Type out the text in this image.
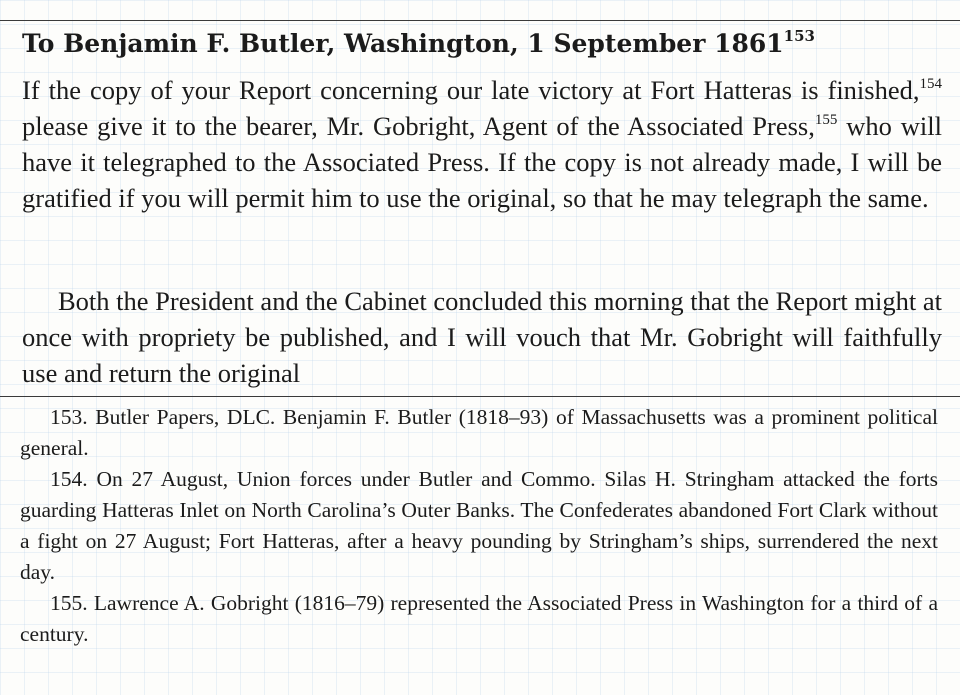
To Benjamin F. Butler, Washington, 1 September 1861$^{153}$

If the copy of your Report concerning our late victory at Fort Hatteras is finished,$^{154}$ please give it to the bearer, Mr. Gobright, Agent of the Associated Press,$^{155}$ who will have it telegraphed to the Associated Press. If the copy is not already made, I will be gratified if you will permit him to use the original, so that he may telegraph the same.

Both the President and the Cabinet concluded this morning that the Report might at once with propriety be published, and I will vouch that Mr. Gobright will faithfully use and return the original

153. Butler Papers, DLC. Benjamin F. Butler (1818–93) of Massachusetts was a prominent political general.

154. On 27 August, Union forces under Butler and Commo. Silas H. Stringham attacked the forts guarding Hatteras Inlet on North Carolina’s Outer Banks. The Confederates abandoned Fort Clark without a fight on 27 August; Fort Hatteras, after a heavy pounding by Stringham’s ships, surrendered the next day.

155. Lawrence A. Gobright (1816–79) represented the Associated Press in Washington for a third of a century.
